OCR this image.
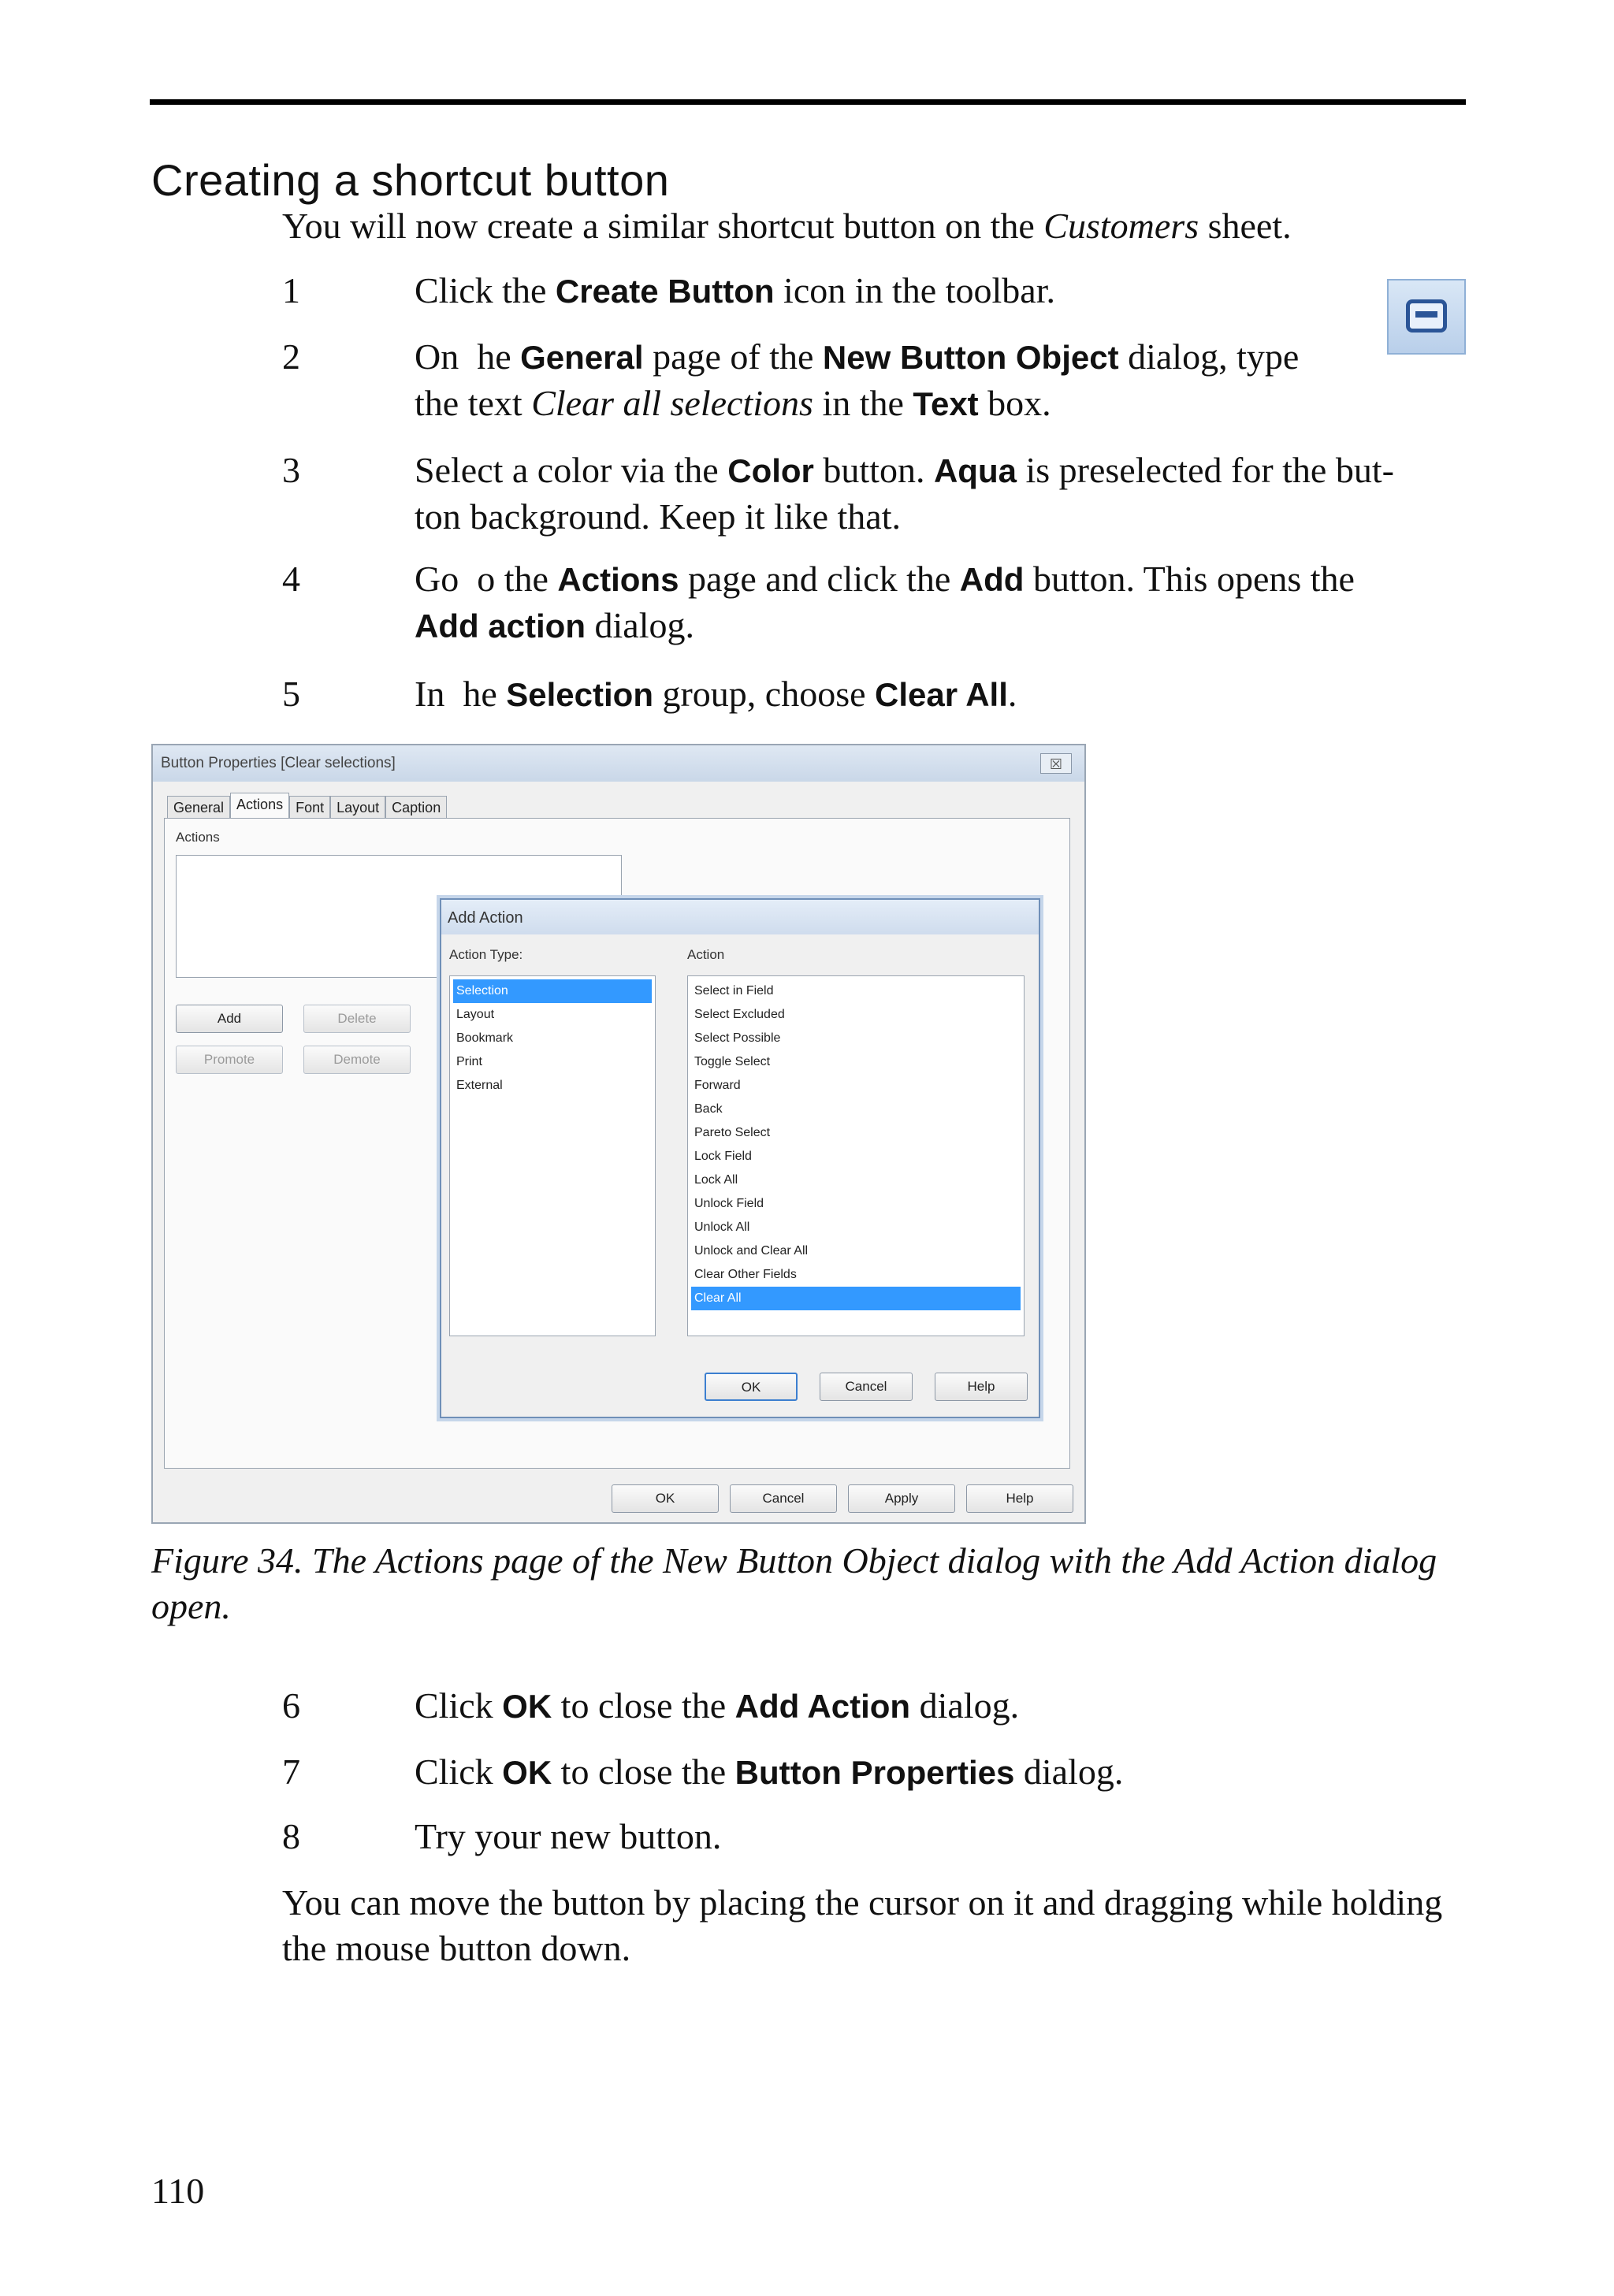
Creating a shortcut button
You will now create a similar shortcut button on the Customers sheet.
1	Click the Create Button icon in the toolbar.
2	On  he General page of the New Button Object dialog, type
the text Clear all selections in the Text box.
3	Select a color via the Color button. Aqua is preselected for the but-
ton background. Keep it like that.
4	Go  o the Actions page and click the Add button. This opens the
Add action dialog.
5	In  he Selection group, choose Clear All.
6	Click OK to close the Add Action dialog.
7	Click OK to close the Button Properties dialog.
8	Try your new button.
Button Properties [Clear selections]	☒
General Actions Font Layout Caption
Actions
Add	Delete
Promote	Demote
Add Action
Action Type:	Action
Selection
Layout
Bookmark
Print
External
Select in Field
Select Excluded
Select Possible
Toggle Select
Forward
Back
Pareto Select
Lock Field
Lock All
Unlock Field
Unlock All
Unlock and Clear All
Clear Other Fields
Clear All
OK	Cancel	Help
OK	Cancel	Apply	Help
Figure 34. The Actions page of the New Button Object dialog with the Add Action dialog open.
You can move the button by placing the cursor on it and dragging while holding the mouse button down.
110
